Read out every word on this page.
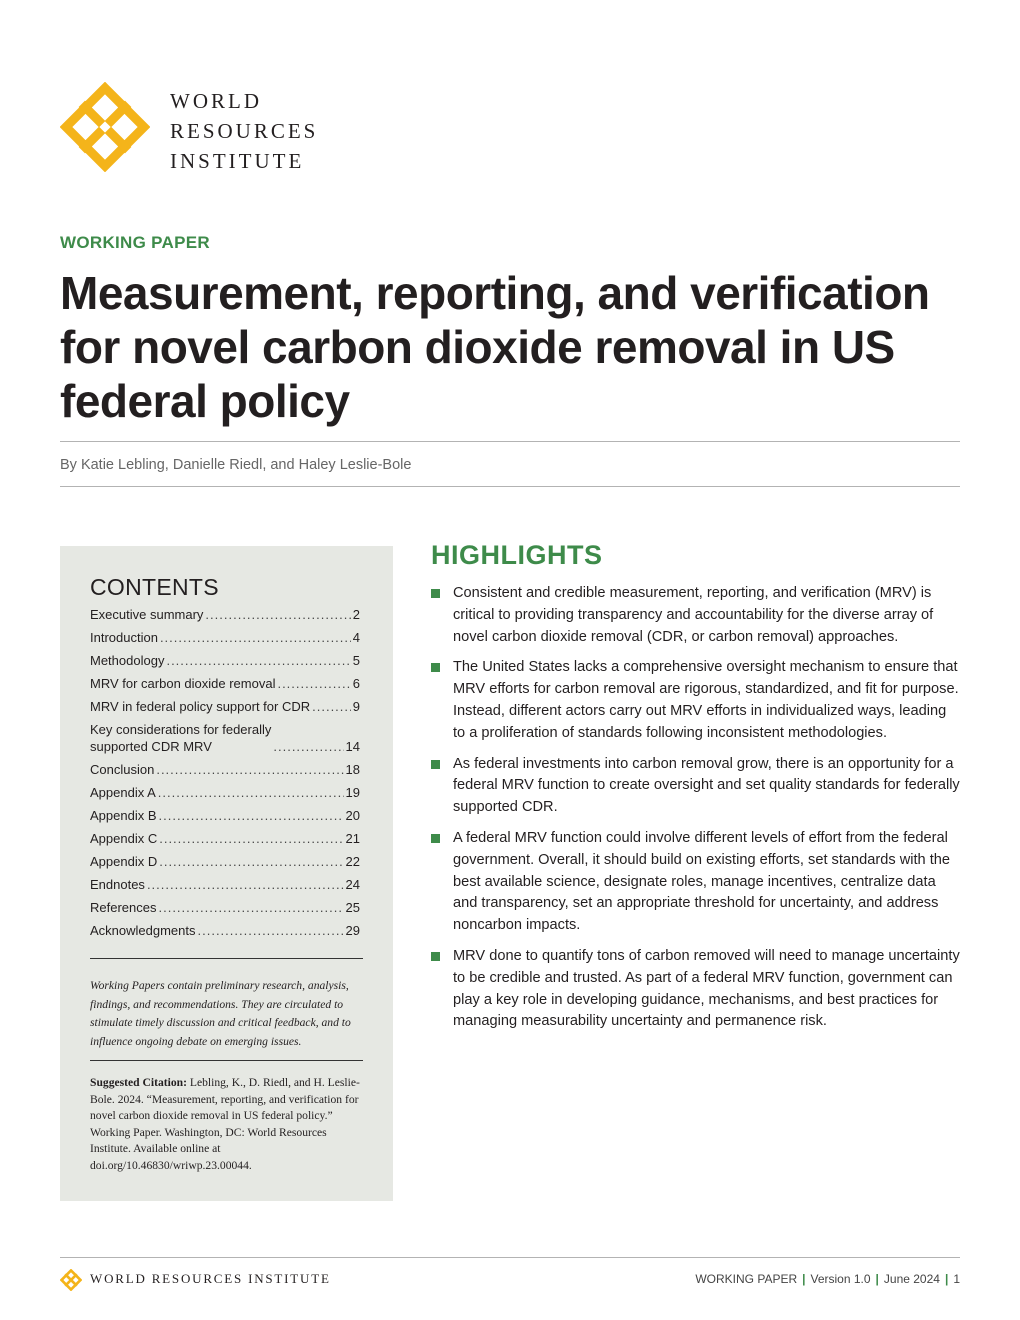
WORLD
RESOURCES
INSTITUTE
WORKING PAPER
Measurement, reporting, and verification for novel carbon dioxide removal in US federal policy
By Katie Lebling, Danielle Riedl, and Haley Leslie-Bole
CONTENTS
Executive summary .....	2
Introduction .....	4
Methodology .....	5
MRV for carbon dioxide removal .....	6
MRV in federal policy support for CDR .....	9
Key considerations for federally
supported CDR MRV .....	14
Conclusion .....	18
Appendix A .....	19
Appendix B .....	20
Appendix C .....	21
Appendix D .....	22
Endnotes .....	24
References .....	25
Acknowledgments .....	29
Working Papers contain preliminary research, analysis, findings, and recommendations. They are circulated to stimulate timely discussion and critical feedback, and to influence ongoing debate on emerging issues.
Suggested Citation: Lebling, K., D. Riedl, and H. Leslie-Bole. 2024. “Measurement, reporting, and verification for novel carbon dioxide removal in US federal policy.” Working Paper. Washington, DC: World Resources Institute. Available online at doi.org/10.46830/wriwp.23.00044.
HIGHLIGHTS
Consistent and credible measurement, reporting, and verification (MRV) is critical to providing transparency and accountability for the diverse array of novel carbon dioxide removal (CDR, or carbon removal) approaches.
The United States lacks a comprehensive oversight mechanism to ensure that MRV efforts for carbon removal are rigorous, standardized, and fit for purpose. Instead, different actors carry out MRV efforts in individualized ways, leading to a proliferation of standards following inconsistent methodologies.
As federal investments into carbon removal grow, there is an opportunity for a federal MRV function to create oversight and set quality standards for federally supported CDR.
A federal MRV function could involve different levels of effort from the federal government. Overall, it should build on existing efforts, set standards with the best available science, designate roles, manage incentives, centralize data and transparency, set an appropriate threshold for uncertainty, and address noncarbon impacts.
MRV done to quantify tons of carbon removed will need to manage uncertainty to be credible and trusted. As part of a federal MRV function, government can play a key role in developing guidance, mechanisms, and best practices for managing measurability uncertainty and permanence risk.
WORLD RESOURCES INSTITUTE	WORKING PAPER | Version 1.0 | June 2024 | 1
